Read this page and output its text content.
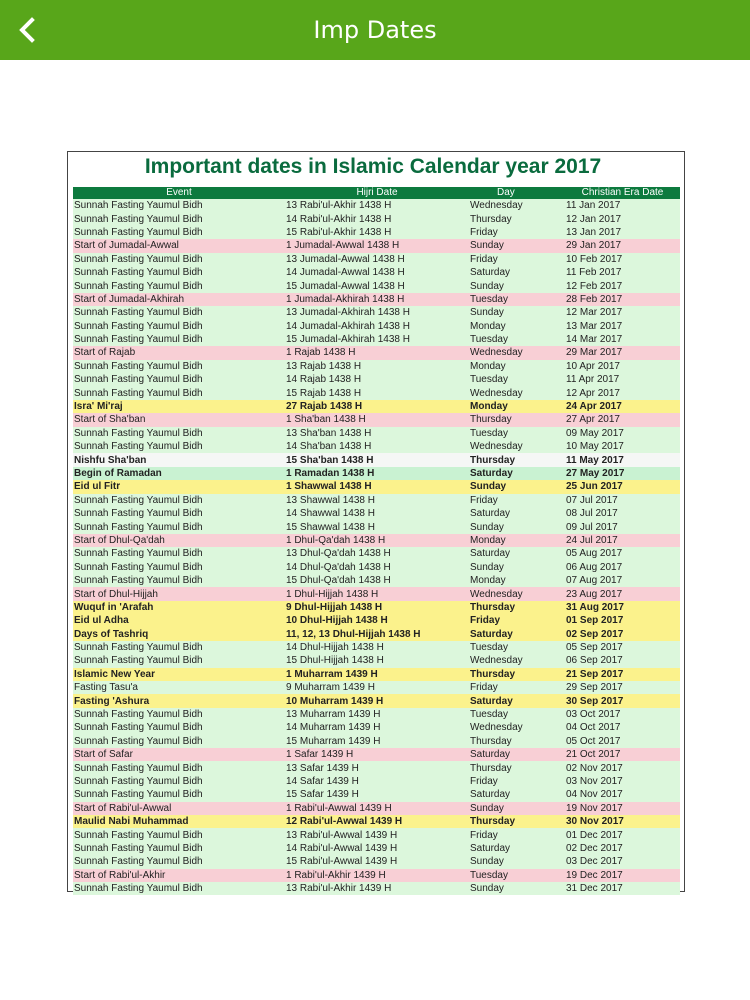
Imp Dates
Important dates in Islamic Calendar year 2017
Event	Hijri Date	Day	Christian Era Date
Sunnah Fasting Yaumul Bidh	13 Rabi'ul-Akhir 1438 H	Wednesday	11 Jan 2017
Sunnah Fasting Yaumul Bidh	14 Rabi'ul-Akhir 1438 H	Thursday	12 Jan 2017
Sunnah Fasting Yaumul Bidh	15 Rabi'ul-Akhir 1438 H	Friday	13 Jan 2017
Start of Jumadal-Awwal	1 Jumadal-Awwal 1438 H	Sunday	29 Jan 2017
Sunnah Fasting Yaumul Bidh	13 Jumadal-Awwal 1438 H	Friday	10 Feb 2017
Sunnah Fasting Yaumul Bidh	14 Jumadal-Awwal 1438 H	Saturday	11 Feb 2017
Sunnah Fasting Yaumul Bidh	15 Jumadal-Awwal 1438 H	Sunday	12 Feb 2017
Start of Jumadal-Akhirah	1 Jumadal-Akhirah 1438 H	Tuesday	28 Feb 2017
Sunnah Fasting Yaumul Bidh	13 Jumadal-Akhirah 1438 H	Sunday	12 Mar 2017
Sunnah Fasting Yaumul Bidh	14 Jumadal-Akhirah 1438 H	Monday	13 Mar 2017
Sunnah Fasting Yaumul Bidh	15 Jumadal-Akhirah 1438 H	Tuesday	14 Mar 2017
Start of Rajab	1 Rajab 1438 H	Wednesday	29 Mar 2017
Sunnah Fasting Yaumul Bidh	13 Rajab 1438 H	Monday	10 Apr 2017
Sunnah Fasting Yaumul Bidh	14 Rajab 1438 H	Tuesday	11 Apr 2017
Sunnah Fasting Yaumul Bidh	15 Rajab 1438 H	Wednesday	12 Apr 2017
Isra' Mi'raj	27 Rajab 1438 H	Monday	24 Apr 2017
Start of Sha'ban	1 Sha'ban 1438 H	Thursday	27 Apr 2017
Sunnah Fasting Yaumul Bidh	13 Sha'ban 1438 H	Tuesday	09 May 2017
Sunnah Fasting Yaumul Bidh	14 Sha'ban 1438 H	Wednesday	10 May 2017
Nishfu Sha'ban	15 Sha'ban 1438 H	Thursday	11 May 2017
Begin of Ramadan	1 Ramadan 1438 H	Saturday	27 May 2017
Eid ul Fitr	1 Shawwal 1438 H	Sunday	25 Jun 2017
Sunnah Fasting Yaumul Bidh	13 Shawwal 1438 H	Friday	07 Jul 2017
Sunnah Fasting Yaumul Bidh	14 Shawwal 1438 H	Saturday	08 Jul 2017
Sunnah Fasting Yaumul Bidh	15 Shawwal 1438 H	Sunday	09 Jul 2017
Start of Dhul-Qa'dah	1 Dhul-Qa'dah 1438 H	Monday	24 Jul 2017
Sunnah Fasting Yaumul Bidh	13 Dhul-Qa'dah 1438 H	Saturday	05 Aug 2017
Sunnah Fasting Yaumul Bidh	14 Dhul-Qa'dah 1438 H	Sunday	06 Aug 2017
Sunnah Fasting Yaumul Bidh	15 Dhul-Qa'dah 1438 H	Monday	07 Aug 2017
Start of Dhul-Hijjah	1 Dhul-Hijjah 1438 H	Wednesday	23 Aug 2017
Wuquf in 'Arafah	9 Dhul-Hijjah 1438 H	Thursday	31 Aug 2017
Eid ul Adha	10 Dhul-Hijjah 1438 H	Friday	01 Sep 2017
Days of Tashriq	11, 12, 13 Dhul-Hijjah 1438 H	Saturday	02 Sep 2017
Sunnah Fasting Yaumul Bidh	14 Dhul-Hijjah 1438 H	Tuesday	05 Sep 2017
Sunnah Fasting Yaumul Bidh	15 Dhul-Hijjah 1438 H	Wednesday	06 Sep 2017
Islamic New Year	1 Muharram 1439 H	Thursday	21 Sep 2017
Fasting Tasu'a	9 Muharram 1439 H	Friday	29 Sep 2017
Fasting 'Ashura	10 Muharram 1439 H	Saturday	30 Sep 2017
Sunnah Fasting Yaumul Bidh	13 Muharram 1439 H	Tuesday	03 Oct 2017
Sunnah Fasting Yaumul Bidh	14 Muharram 1439 H	Wednesday	04 Oct 2017
Sunnah Fasting Yaumul Bidh	15 Muharram 1439 H	Thursday	05 Oct 2017
Start of Safar	1 Safar 1439 H	Saturday	21 Oct 2017
Sunnah Fasting Yaumul Bidh	13 Safar 1439 H	Thursday	02 Nov 2017
Sunnah Fasting Yaumul Bidh	14 Safar 1439 H	Friday	03 Nov 2017
Sunnah Fasting Yaumul Bidh	15 Safar 1439 H	Saturday	04 Nov 2017
Start of Rabi'ul-Awwal	1 Rabi'ul-Awwal 1439 H	Sunday	19 Nov 2017
Maulid Nabi Muhammad	12 Rabi'ul-Awwal 1439 H	Thursday	30 Nov 2017
Sunnah Fasting Yaumul Bidh	13 Rabi'ul-Awwal 1439 H	Friday	01 Dec 2017
Sunnah Fasting Yaumul Bidh	14 Rabi'ul-Awwal 1439 H	Saturday	02 Dec 2017
Sunnah Fasting Yaumul Bidh	15 Rabi'ul-Awwal 1439 H	Sunday	03 Dec 2017
Start of Rabi'ul-Akhir	1 Rabi'ul-Akhir 1439 H	Tuesday	19 Dec 2017
Sunnah Fasting Yaumul Bidh	13 Rabi'ul-Akhir 1439 H	Sunday	31 Dec 2017
